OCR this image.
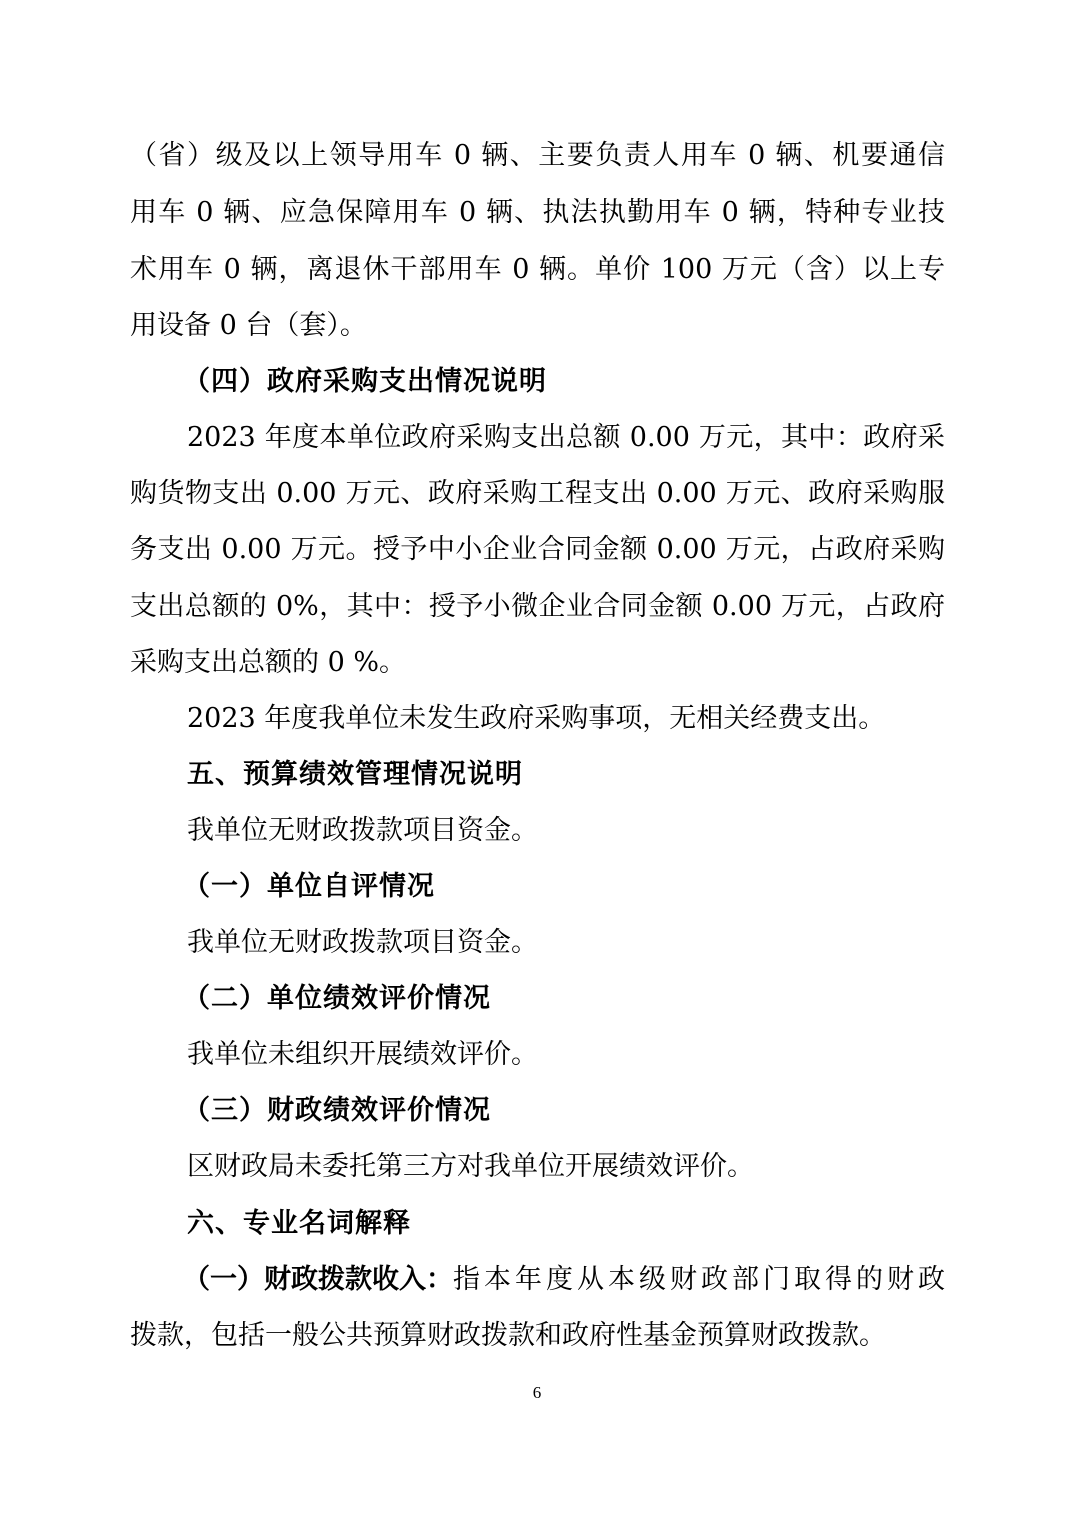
（省）级及以上领导用车 0 辆、主要负责人用车 0 辆、机要通信
用车 0 辆、应急保障用车 0 辆、执法执勤用车 0 辆，特种专业技
术用车 0 辆，离退休干部用车 0 辆。单价 100 万元（含）以上专
用设备 0 台（套）。
（四）政府采购支出情况说明
2023 年度本单位政府采购支出总额 0.00 万元，其中：政府采
购货物支出 0.00 万元、政府采购工程支出 0.00 万元、政府采购服
务支出 0.00 万元。授予中小企业合同金额 0.00 万元，占政府采购
支出总额的 0%，其中：授予小微企业合同金额 0.00 万元，占政府
采购支出总额的 0 %。
2023 年度我单位未发生政府采购事项，无相关经费支出。
五、预算绩效管理情况说明
我单位无财政拨款项目资金。
（一）单位自评情况
我单位无财政拨款项目资金。
（二）单位绩效评价情况
我单位未组织开展绩效评价。
（三）财政绩效评价情况
区财政局未委托第三方对我单位开展绩效评价。
六、专业名词解释
（一）财政拨款收入： 指本年度从本级财政部门取得的财政
拨款，包括一般公共预算财政拨款和政府性基金预算财政拨款。
6
